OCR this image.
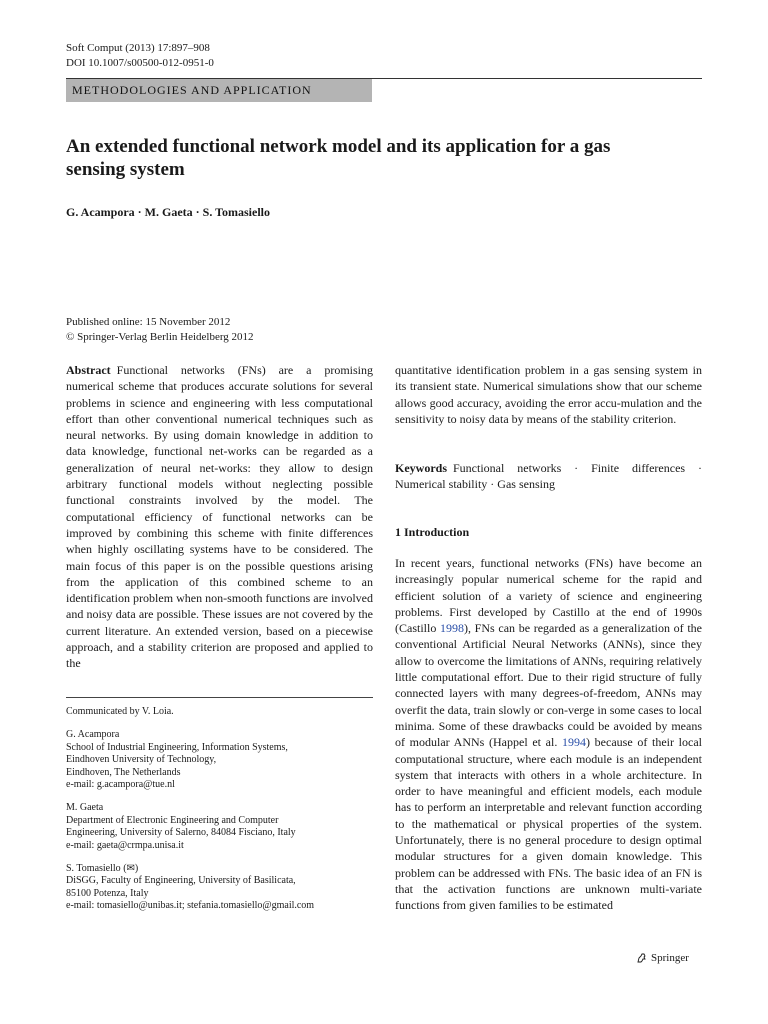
Soft Comput (2013) 17:897–908
DOI 10.1007/s00500-012-0951-0
METHODOLOGIES AND APPLICATION
An extended functional network model and its application for a gas sensing system
G. Acampora · M. Gaeta · S. Tomasiello
Published online: 15 November 2012
© Springer-Verlag Berlin Heidelberg 2012

Abstract Functional networks (FNs) are a promising numerical scheme that produces accurate solutions for several problems in science and engineering with less computational effort than other conventional numerical techniques such as neural networks. By using domain knowledge in addition to data knowledge, functional net-works can be regarded as a generalization of neural net-works: they allow to design arbitrary functional models without neglecting possible functional constraints involved by the model. The computational efficiency of functional networks can be improved by combining this scheme with finite differences when highly oscillating systems have to be considered. The main focus of this paper is on the possible questions arising from the application of this combined scheme to an identification problem when non-smooth functions are involved and noisy data are possible. These issues are not covered by the current literature. An extended version, based on a piecewise approach, and a stability criterion are proposed and applied to the

Communicated by V. Loia.
G. Acampora
School of Industrial Engineering, Information Systems,
Eindhoven University of Technology,
Eindhoven, The Netherlands
e-mail: g.acampora@tue.nl
M. Gaeta
Department of Electronic Engineering and Computer
Engineering, University of Salerno, 84084 Fisciano, Italy
e-mail: gaeta@crmpa.unisa.it
S. Tomasiello (✉)
DiSGG, Faculty of Engineering, University of Basilicata,
85100 Potenza, Italy
e-mail: tomasiello@unibas.it; stefania.tomasiello@gmail.com

quantitative identification problem in a gas sensing system in its transient state. Numerical simulations show that our scheme allows good accuracy, avoiding the error accu-mulation and the sensitivity to noisy data by means of the stability criterion.

Keywords Functional networks · Finite differences · Numerical stability · Gas sensing

1 Introduction

In recent years, functional networks (FNs) have become an increasingly popular numerical scheme for the rapid and efficient solution of a variety of science and engineering problems. First developed by Castillo at the end of 1990s (Castillo 1998), FNs can be regarded as a generalization of the conventional Artificial Neural Networks (ANNs), since they allow to overcome the limitations of ANNs, requiring relatively little computational effort. Due to their rigid structure of fully connected layers with many degrees-of-freedom, ANNs may overfit the data, train slowly or con-verge in some cases to local minima. Some of these drawbacks could be avoided by means of modular ANNs (Happel et al. 1994) because of their local computational structure, where each module is an independent system that interacts with others in a whole architecture. In order to have meaningful and efficient models, each module has to perform an interpretable and relevant function according to the mathematical or physical properties of the system. Unfortunately, there is no general procedure to design optimal modular structures for a given domain knowledge. This problem can be addressed with FNs. The basic idea of an FN is that the activation functions are unknown multi-variate functions from given families to be estimated

Springer
